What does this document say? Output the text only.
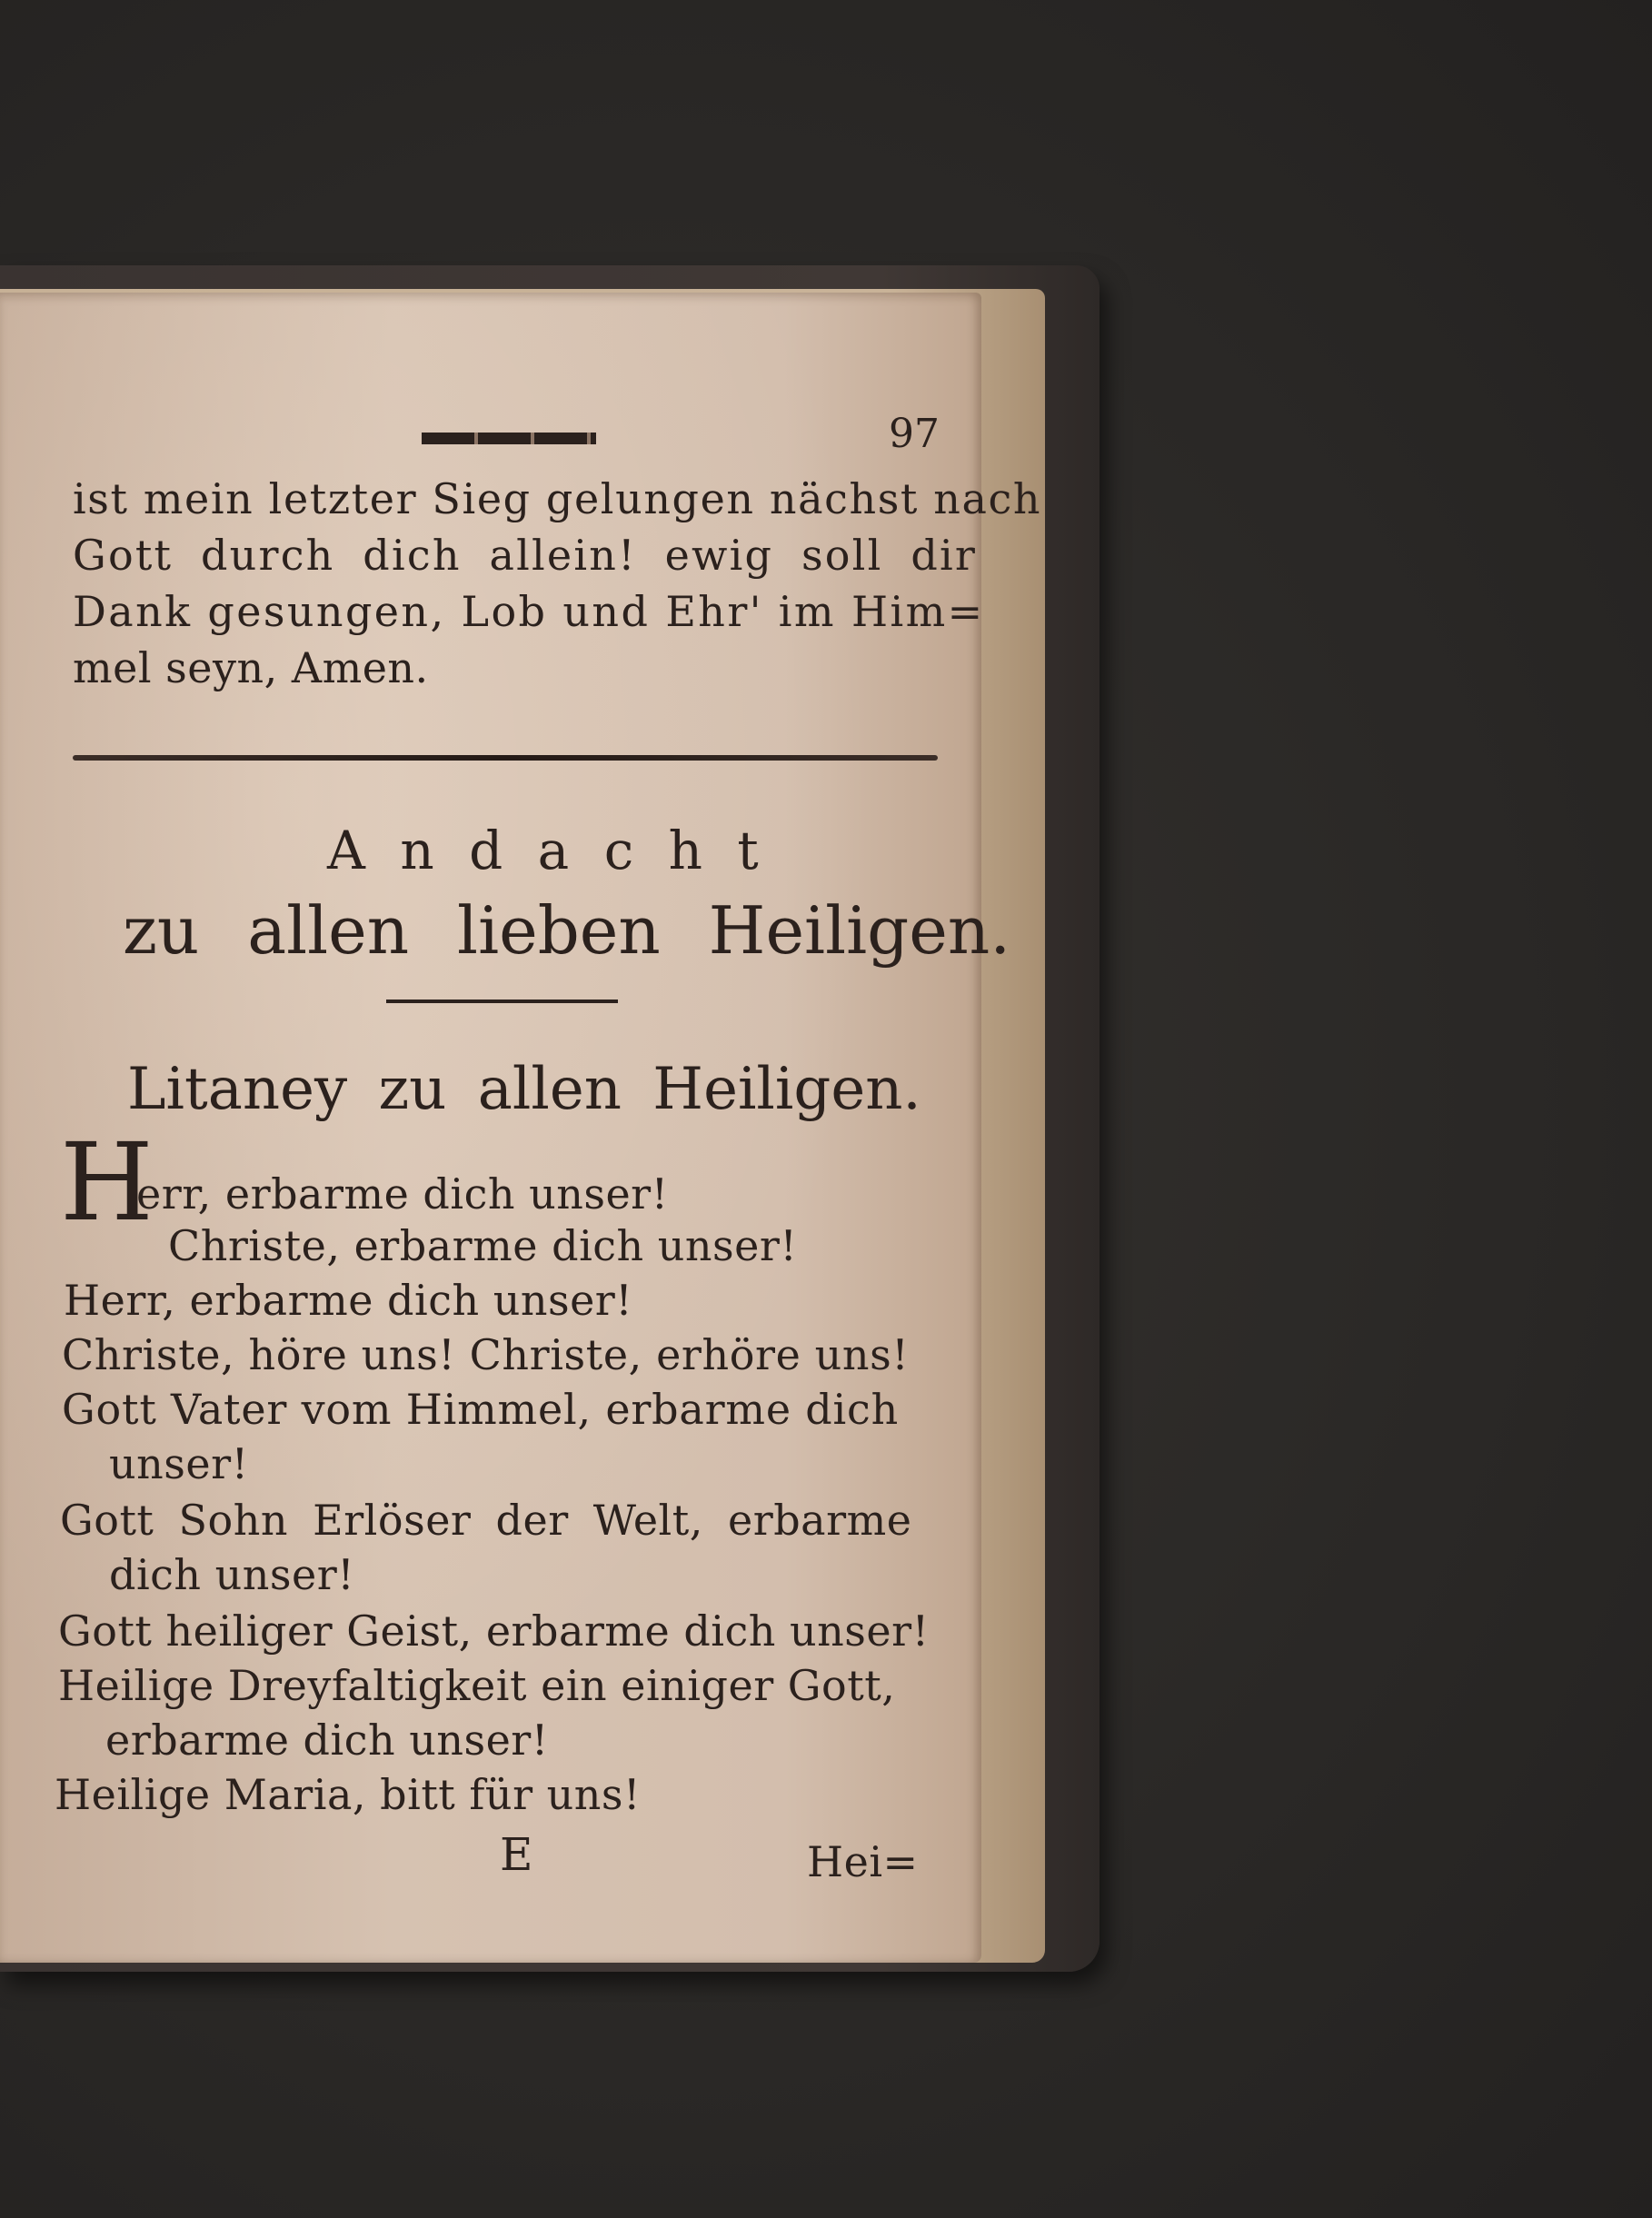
97
ist mein letzter Sieg gelungen nächst nach
Gott durch dich allein! ewig soll dir
Dank gesungen, Lob und Ehr' im Him=
mel seyn, Amen.
A n d a c h t
zu allen lieben Heiligen.
Litaney zu allen Heiligen.
H
err, erbarme dich unser!
Christe, erbarme dich unser!
Herr, erbarme dich unser!
Christe, höre uns! Christe, erhöre uns!
Gott Vater vom Himmel, erbarme dich
unser!
Gott Sohn Erlöser der Welt, erbarme
dich unser!
Gott heiliger Geist, erbarme dich unser!
Heilige Dreyfaltigkeit ein einiger Gott,
erbarme dich unser!
Heilige Maria, bitt für uns!
E	Hei=
